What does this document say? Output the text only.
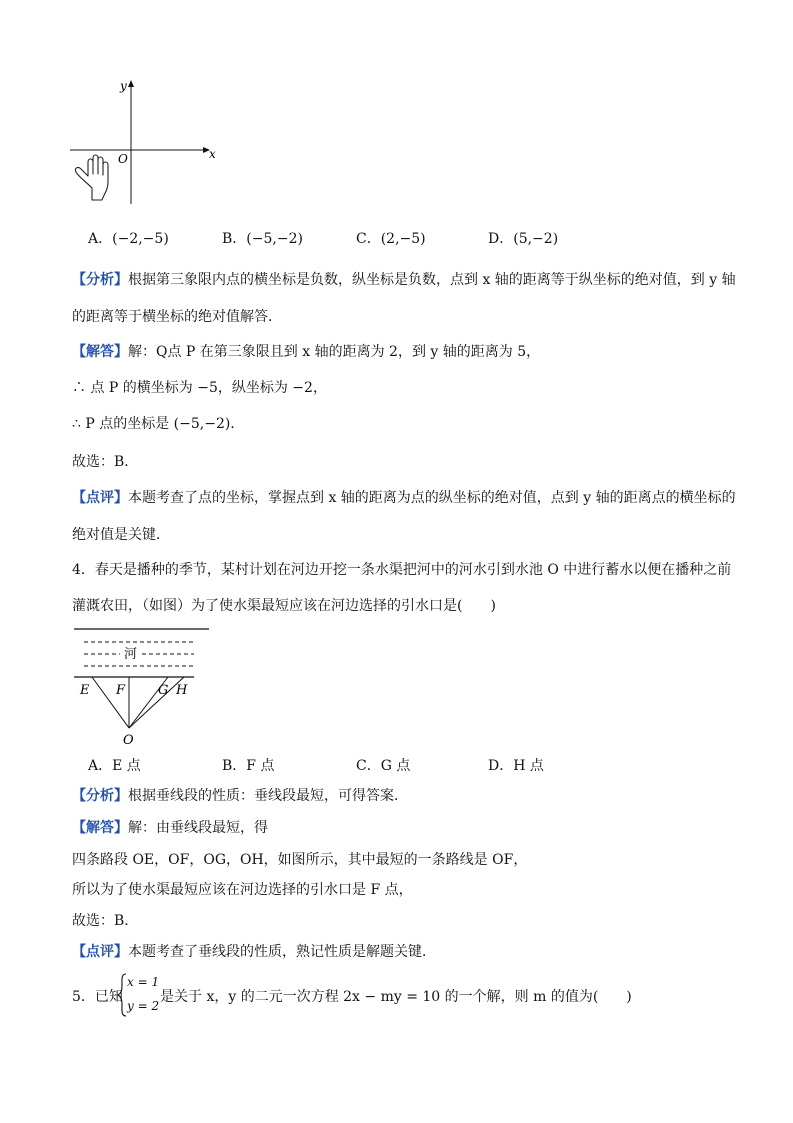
y
x
O
A．(−2,−5)	B．(−5,−2)	C．(2,−5)	D．(5,−2)
【分析】根据第三象限内点的横坐标是负数，纵坐标是负数，点到 x 轴的距离等于纵坐标的绝对值，到 y 轴
的距离等于横坐标的绝对值解答．
【解答】解：Q点 P 在第三象限且到 x 轴的距离为 2，到 y 轴的距离为 5，
∴ 点 P 的横坐标为 −5，纵坐标为 −2，
∴ P 点的坐标是 (−5,−2)．
故选：B．
【点评】本题考查了点的坐标，掌握点到 x 轴的距离为点的纵坐标的绝对值，点到 y 轴的距离点的横坐标的
绝对值是关键．
4．春天是播种的季节，某村计划在河边开挖一条水渠把河中的河水引到水池 O 中进行蓄水以便在播种之前
灌溉农田，（如图）为了使水渠最短应该在河边选择的引水口是(　　)
河
E F	G H
O
A．E 点	B．F 点	C．G 点	D．H 点
【分析】根据垂线段的性质：垂线段最短，可得答案．
【解答】解：由垂线段最短，得
四条路段 OE，OF，OG，OH，如图所示，其中最短的一条路线是 OF，
所以为了使水渠最短应该在河边选择的引水口是 F 点，
故选：B．
【点评】本题考查了垂线段的性质，熟记性质是解题关键．
5．已知
x = 1
y = 2
是关于 x，y 的二元一次方程 2x − my = 10 的一个解，则 m 的值为(　　)
